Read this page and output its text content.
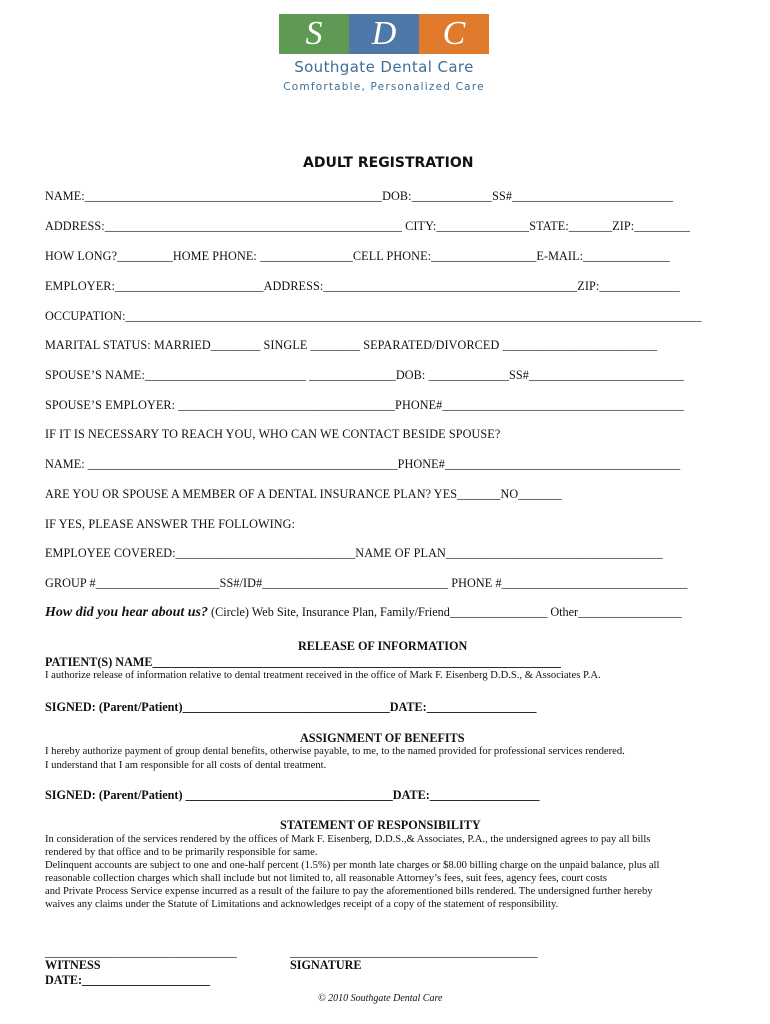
S	D	C
Southgate Dental Care
Comfortable, Personalized Care
ADULT REGISTRATION
NAME:________________________________________________DOB:_____________SS#__________________________
ADDRESS:________________________________________________ CITY:_______________STATE:_______ZIP:_________
HOW LONG?_________HOME PHONE: _______________CELL PHONE:_________________E-MAIL:______________
EMPLOYER:________________________ADDRESS:_________________________________________ZIP:_____________
OCCUPATION:_____________________________________________________________________________________________
MARITAL STATUS: MARRIED________ SINGLE ________ SEPARATED/DIVORCED _________________________
SPOUSE’S NAME:__________________________ ______________DOB: _____________SS#_________________________
SPOUSE’S EMPLOYER: ___________________________________PHONE#_______________________________________
IF IT IS NECESSARY TO REACH YOU, WHO CAN WE CONTACT BESIDE SPOUSE?
NAME: __________________________________________________PHONE#______________________________________
ARE YOU OR SPOUSE A MEMBER OF A DENTAL INSURANCE PLAN? YES_______NO_______
IF YES, PLEASE ANSWER THE FOLLOWING:
EMPLOYEE COVERED:_____________________________NAME OF PLAN___________________________________
GROUP #____________________SS#/ID#______________________________ PHONE #______________________________
How did you hear about us? (Circle) Web Site, Insurance Plan, Family/Friend________________ Other_________________
RELEASE OF INFORMATION
PATIENT(S) NAME___________________________________________________________________
I authorize release of information relative to dental treatment received in the office of Mark F. Eisenberg D.D.S., & Associates P.A.
SIGNED: (Parent/Patient)__________________________________DATE:__________________
ASSIGNMENT OF BENEFITS
I hereby authorize payment of group dental benefits, otherwise payable, to me, to the named provided for professional services rendered.
I understand that I am responsible for all costs of dental treatment.
SIGNED: (Parent/Patient) __________________________________DATE:__________________
STATEMENT OF RESPONSIBILITY
In consideration of the services rendered by the offices of Mark F. Eisenberg, D.D.S.,& Associates, P.A., the undersigned agrees to pay all bills
rendered by that office and to be primarily responsible for same.
Delinquent accounts are subject to one and one-half percent (1.5%) per month late charges or $8.00 billing charge on the unpaid balance, plus all
reasonable collection charges which shall include but not limited to, all reasonable Attorney’s fees, suit fees, agency fees, court costs
and Private Process Service expense incurred as a result of the failure to pay the aforementioned bills rendered. The undersigned further hereby
waives any claims under the Statute of Limitations and acknowledges receipt of a copy of the statement of responsibility.
_______________________________
WITNESS
DATE:_____________________
________________________________________
SIGNATURE
© 2010 Southgate Dental Care
